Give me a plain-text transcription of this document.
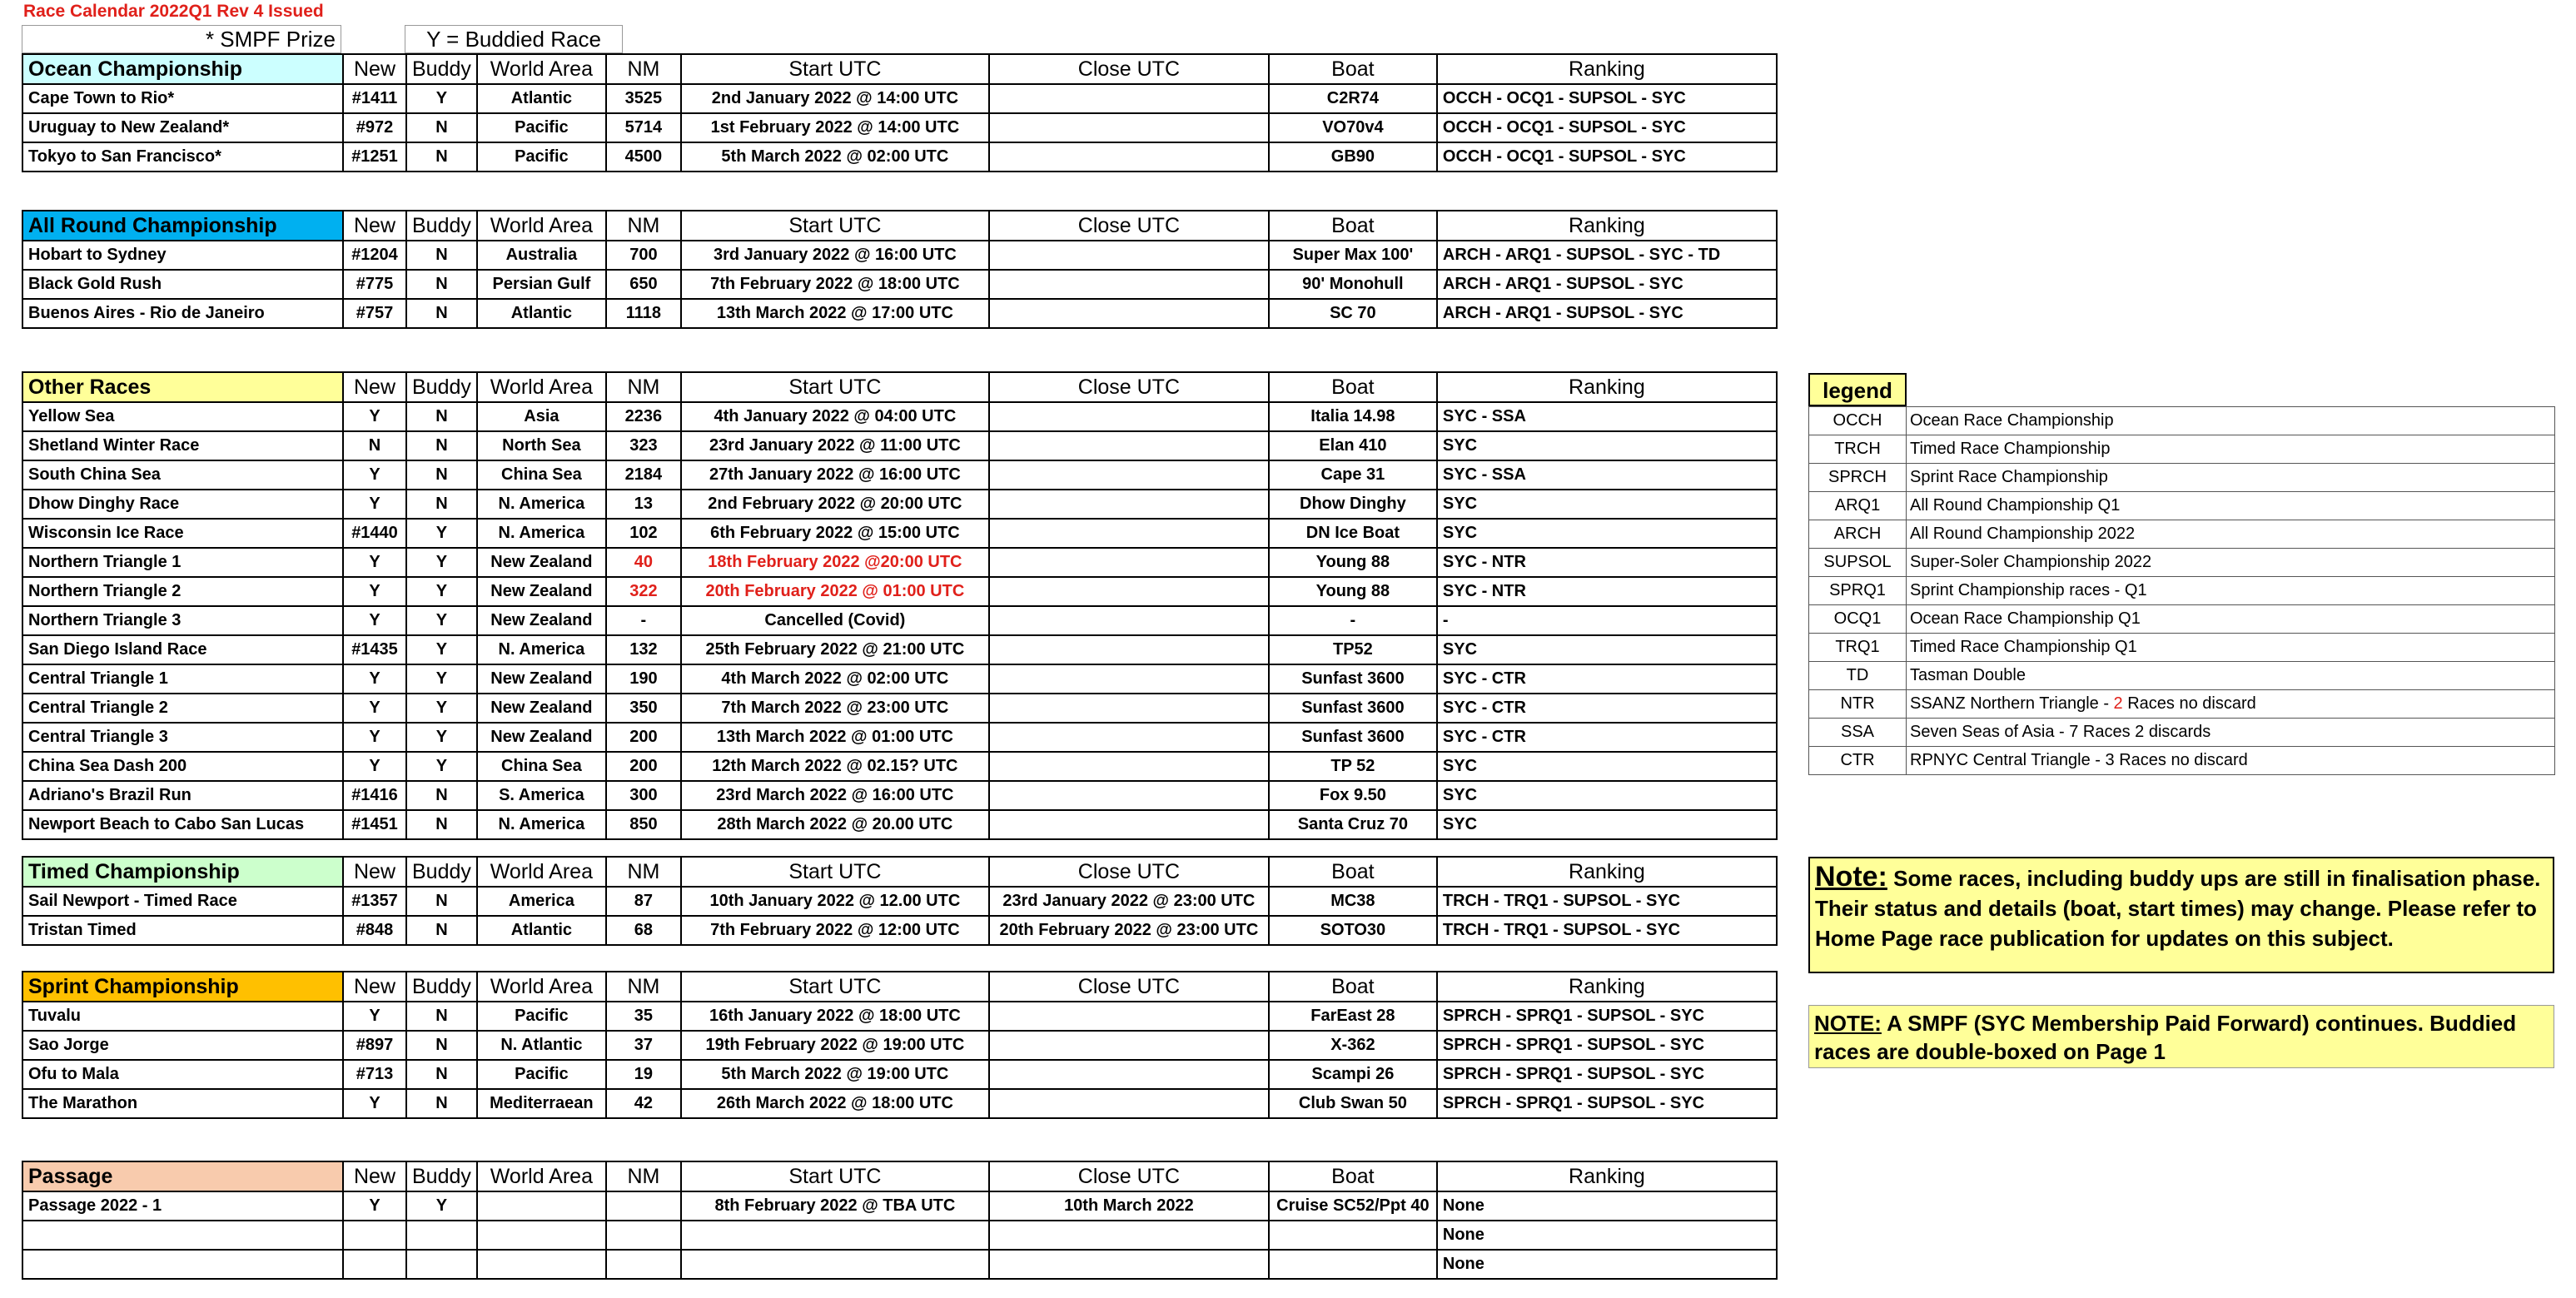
Race Calendar 2022Q1 Rev 4 Issued
* SMPF Prize	Y = Buddied Race
Ocean Championship	New	Buddy	World Area	NM	Start UTC	Close UTC	Boat	Ranking
Cape Town to Rio*	#1411	Y	Atlantic	3525	2nd January 2022 @ 14:00 UTC		C2R74	OCCH - OCQ1 - SUPSOL - SYC
Uruguay to New Zealand*	#972	N	Pacific	5714	1st February 2022 @ 14:00 UTC		VO70v4	OCCH - OCQ1 - SUPSOL - SYC
Tokyo to San Francisco*	#1251	N	Pacific	4500	5th March 2022 @ 02:00 UTC		GB90	OCCH - OCQ1 - SUPSOL - SYC
All Round Championship	New	Buddy	World Area	NM	Start UTC	Close UTC	Boat	Ranking
Hobart to Sydney	#1204	N	Australia	700	3rd January 2022 @ 16:00 UTC		Super Max 100'	ARCH - ARQ1 - SUPSOL - SYC - TD
Black Gold Rush	#775	N	Persian Gulf	650	7th February 2022 @ 18:00 UTC		90' Monohull	ARCH - ARQ1 - SUPSOL - SYC
Buenos Aires - Rio de Janeiro	#757	N	Atlantic	1118	13th March 2022 @ 17:00 UTC		SC 70	ARCH - ARQ1 - SUPSOL - SYC
Other Races	New	Buddy	World Area	NM	Start UTC	Close UTC	Boat	Ranking
Yellow Sea	Y	N	Asia	2236	4th January 2022 @ 04:00 UTC		Italia 14.98	SYC - SSA
Shetland Winter Race	N	N	North Sea	323	23rd January 2022 @ 11:00 UTC		Elan 410	SYC
South China Sea	Y	N	China Sea	2184	27th January 2022 @ 16:00 UTC		Cape 31	SYC - SSA
Dhow Dinghy Race	Y	N	N. America	13	2nd February 2022 @ 20:00 UTC		Dhow Dinghy	SYC
Wisconsin Ice Race	#1440	Y	N. America	102	6th February 2022 @ 15:00 UTC		DN Ice Boat	SYC
Northern Triangle 1	Y	Y	New Zealand	40	18th February 2022 @20:00 UTC		Young 88	SYC - NTR
Northern Triangle 2	Y	Y	New Zealand	322	20th February 2022 @ 01:00 UTC		Young 88	SYC - NTR
Northern Triangle 3	Y	Y	New Zealand	-	Cancelled (Covid)		-	-
San Diego Island Race	#1435	Y	N. America	132	25th February 2022 @ 21:00 UTC		TP52	SYC
Central Triangle 1	Y	Y	New Zealand	190	4th March 2022 @ 02:00 UTC		Sunfast 3600	SYC - CTR
Central Triangle 2	Y	Y	New Zealand	350	7th March 2022 @ 23:00 UTC		Sunfast 3600	SYC - CTR
Central Triangle 3	Y	Y	New Zealand	200	13th March 2022 @ 01:00 UTC		Sunfast 3600	SYC - CTR
China Sea Dash 200	Y	Y	China Sea	200	12th March 2022 @ 02.15? UTC		TP 52	SYC
Adriano's Brazil Run	#1416	N	S. America	300	23rd March 2022 @ 16:00 UTC		Fox 9.50	SYC
Newport Beach to Cabo San Lucas	#1451	N	N. America	850	28th March 2022 @ 20.00 UTC		Santa Cruz 70	SYC
Timed Championship	New	Buddy	World Area	NM	Start UTC	Close UTC	Boat	Ranking
Sail Newport - Timed Race	#1357	N	America	87	10th January 2022 @ 12.00 UTC	23rd January 2022 @ 23:00 UTC	MC38	TRCH - TRQ1 - SUPSOL - SYC
Tristan Timed	#848	N	Atlantic	68	7th February 2022 @ 12:00 UTC	20th February 2022 @ 23:00 UTC	SOTO30	TRCH - TRQ1 - SUPSOL - SYC
Sprint Championship	New	Buddy	World Area	NM	Start UTC	Close UTC	Boat	Ranking
Tuvalu	Y	N	Pacific	35	16th January 2022 @ 18:00 UTC		FarEast 28	SPRCH - SPRQ1 - SUPSOL - SYC
Sao Jorge	#897	N	N. Atlantic	37	19th February 2022 @ 19:00 UTC		X-362	SPRCH - SPRQ1 - SUPSOL - SYC
Ofu to Mala	#713	N	Pacific	19	5th March 2022 @ 19:00 UTC		Scampi 26	SPRCH - SPRQ1 - SUPSOL - SYC
The Marathon	Y	N	Mediterraean	42	26th March 2022 @ 18:00 UTC		Club Swan 50	SPRCH - SPRQ1 - SUPSOL - SYC
Passage	New	Buddy	World Area	NM	Start UTC	Close UTC	Boat	Ranking
Passage 2022 - 1	Y	Y			8th February 2022 @ TBA UTC	10th March 2022	Cruise SC52/Ppt 40	None
								None
								None
legend
OCCH	Ocean Race Championship
TRCH	Timed Race Championship
SPRCH	Sprint Race Championship
ARQ1	All Round Championship Q1
ARCH	All Round Championship 2022
SUPSOL	Super-Soler Championship 2022
SPRQ1	Sprint Championship races - Q1
OCQ1	Ocean Race Championship Q1
TRQ1	Timed Race Championship Q1
TD	Tasman Double
NTR	SSANZ Northern Triangle - 2 Races no discard
SSA	Seven Seas of Asia - 7 Races 2 discards
CTR	RPNYC Central Triangle - 3 Races no discard
Note: Some races, including buddy ups are still in finalisation phase. Their status and details (boat, start times) may change. Please refer to Home Page race publication for updates on this subject.
NOTE: A SMPF (SYC Membership Paid Forward) continues. Buddied races are double-boxed on Page 1
